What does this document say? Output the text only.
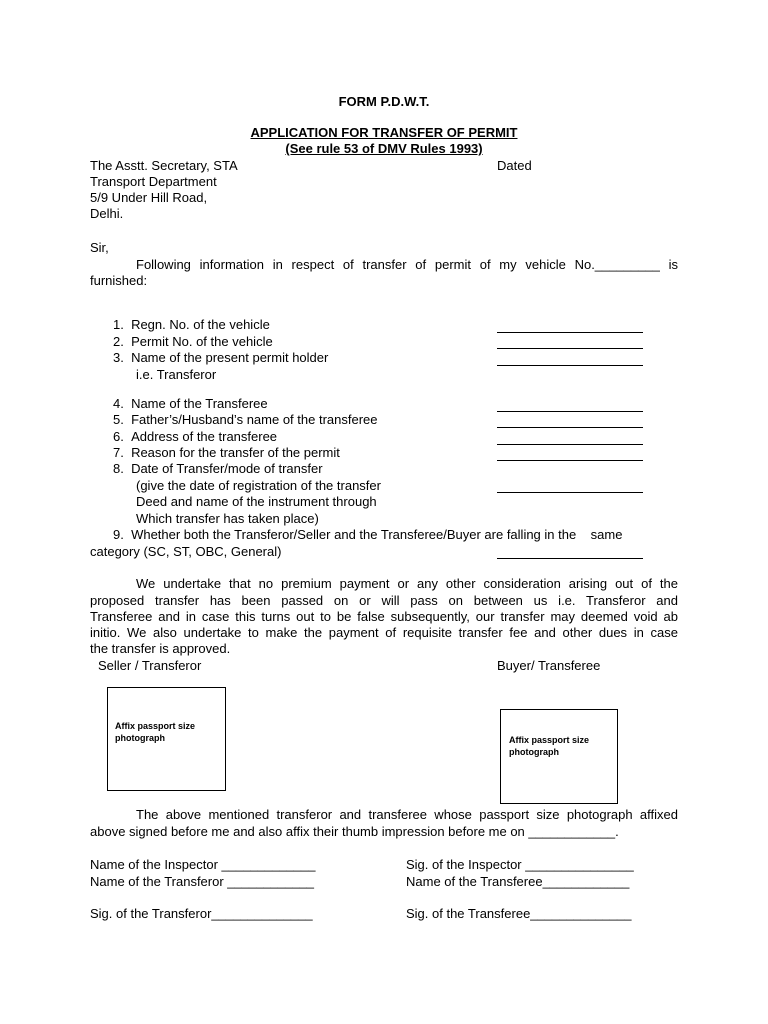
FORM P.D.W.T.
APPLICATION FOR TRANSFER OF PERMIT
(See rule 53 of DMV Rules 1993)
The Asstt. Secretary, STA
Transport Department
5/9 Under Hill Road,
Delhi.
Dated
Sir,
Following information in respect of transfer of permit of my vehicle No._________ is
furnished:
1.  Regn. No. of the vehicle
2.  Permit No. of the vehicle
3.  Name of the present permit holder
i.e. Transferor
4.  Name of the Transferee
5.  Father’s/Husband’s name of the transferee
6.  Address of the transferee
7.  Reason for the transfer of the permit
8.  Date of Transfer/mode of transfer
(give the date of registration of the transfer
Deed and name of the instrument through
Which transfer has taken place)
9.  Whether both the Transferor/Seller and the Transferee/Buyer are falling in the    same
category (SC, ST, OBC, General)
We undertake that no premium payment or any other consideration arising out of the
proposed transfer has been passed on or will pass on between us i.e. Transferor and
Transferee and in case this turns out to be false subsequently, our transfer may deemed void ab
initio. We also undertake to make the payment of requisite transfer fee and other dues in case
the transfer is approved.
Seller / Transferor	Buyer/ Transferee
Affix passport size photograph	Affix passport size photograph
The above mentioned transferor and transferee whose passport size photograph affixed
above signed before me and also affix their thumb impression before me on ____________.
Name of the Inspector _____________	Sig. of the Inspector _______________
Name of the Transferor ____________	Name of the Transferee____________
Sig. of the Transferor______________	Sig. of the Transferee______________
